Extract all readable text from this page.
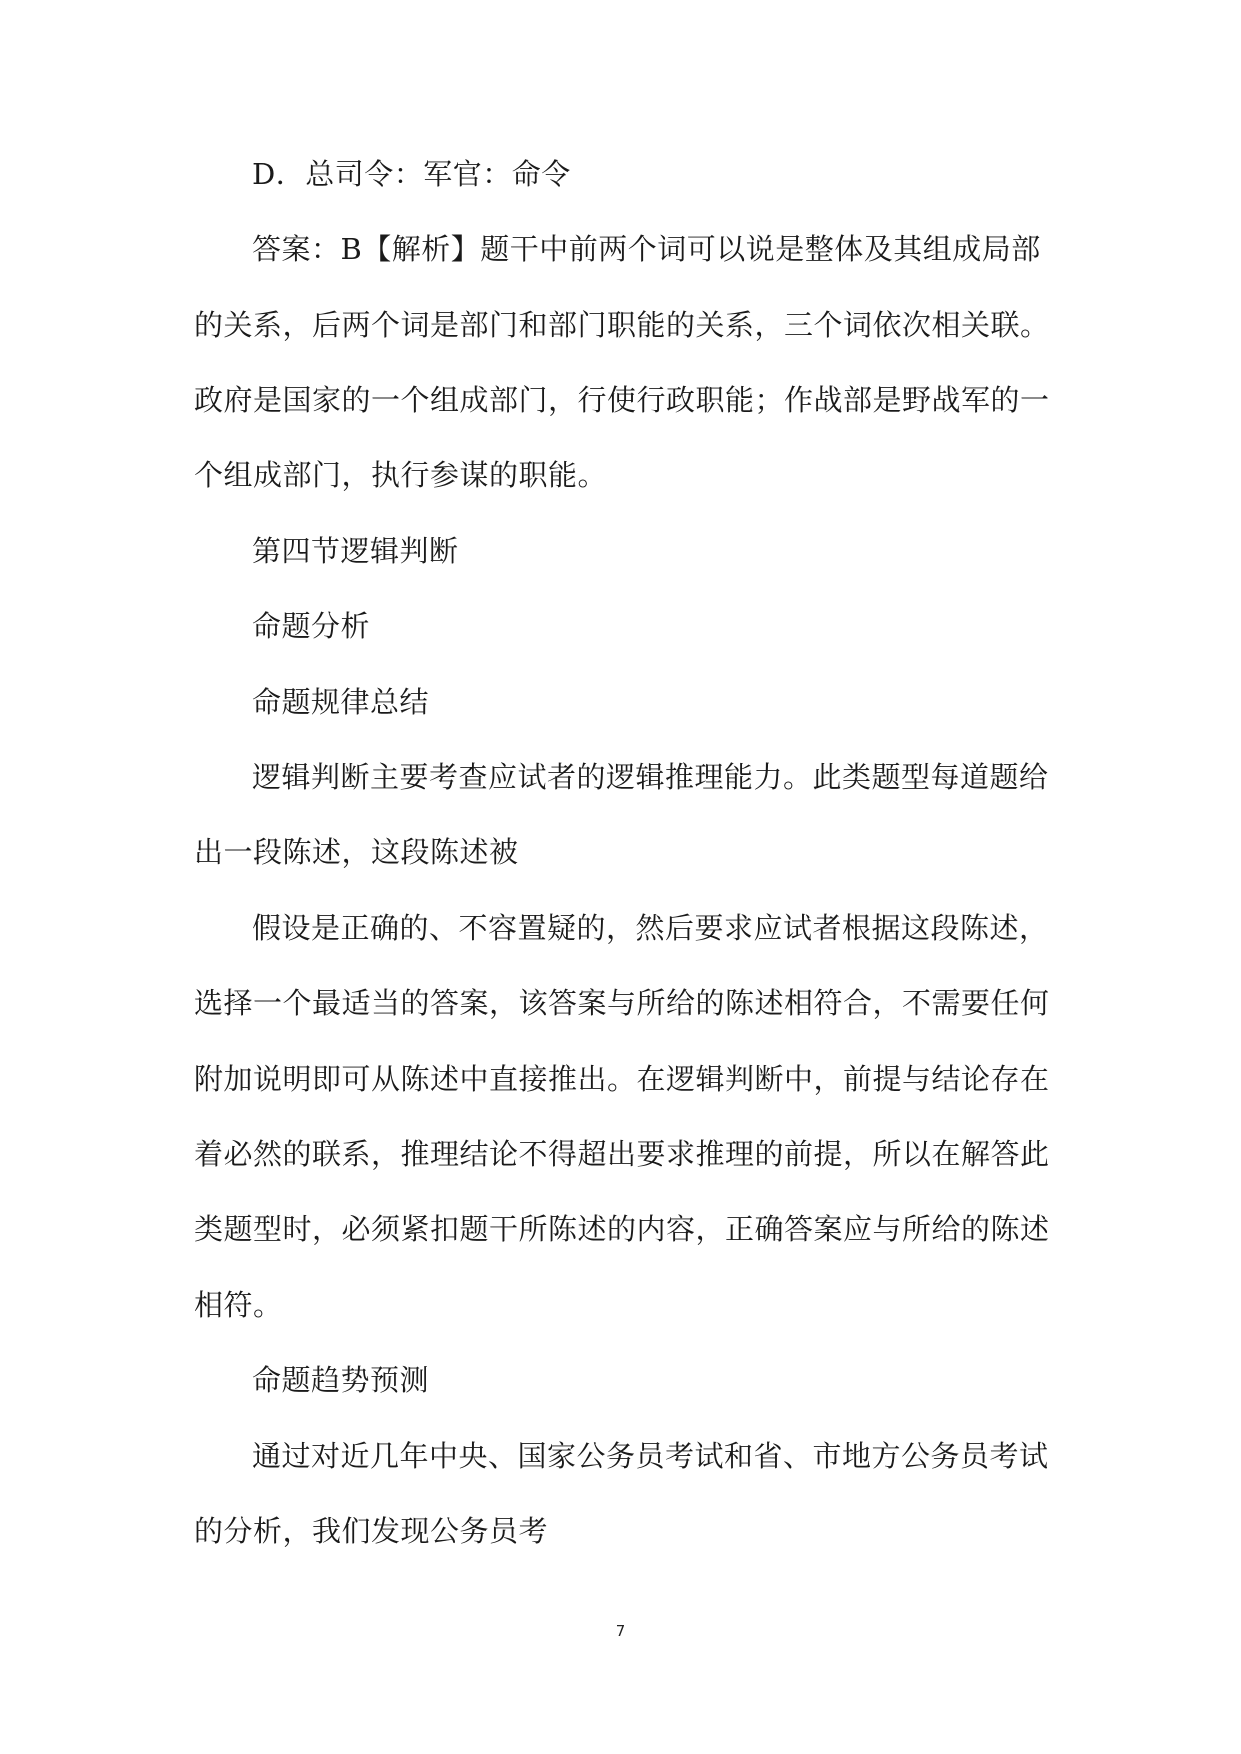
D．总司令：军官：命令
答案：B【解析】题干中前两个词可以说是整体及其组成局部
的关系，后两个词是部门和部门职能的关系，三个词依次相关联。
政府是国家的一个组成部门，行使行政职能；作战部是野战军的一
个组成部门，执行参谋的职能。
第四节逻辑判断
命题分析
命题规律总结
逻辑判断主要考查应试者的逻辑推理能力。此类题型每道题给
出一段陈述，这段陈述被
假设是正确的、不容置疑的，然后要求应试者根据这段陈述，
选择一个最适当的答案，该答案与所给的陈述相符合，不需要任何
附加说明即可从陈述中直接推出。在逻辑判断中，前提与结论存在
着必然的联系，推理结论不得超出要求推理的前提，所以在解答此
类题型时，必须紧扣题干所陈述的内容，正确答案应与所给的陈述
相符。
命题趋势预测
通过对近几年中央、国家公务员考试和省、市地方公务员考试
的分析，我们发现公务员考
7
